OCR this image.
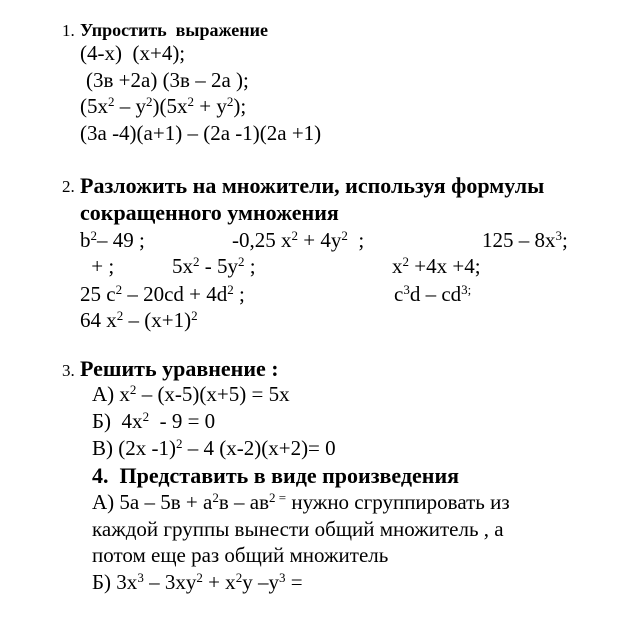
1. Упростить  выражение
(4-x)  (x+4);
(3в +2а) (3в – 2а );
$(5x^2 - y^2)(5x^2 + y^2)$;
(3a -4)(a+1) – (2a -1)(2a +1)
2. Разложить на множители, используя формулы
сокращенного умножения
$b^2-$ 49 ;	-0,25 $x^2 + 4y^2$  ;	$125 - 8x^3$;
+ ;	$5x^2 - 5y^2$ ;	$x^2 +4x +4$;
25 $c^2 - 20cd + 4d^2$ ;	$c^3d - cd^{3;}$
64 $x^2 - (x+1)^2$
3. Решить уравнение :
А) $x^2 - (x-5)(x+5) = 5x$
Б)  $4x^2 - 9 = 0$
В) (2x -1)$^2$ – 4 (x-2)(x+2)= 0
4.  Представить в виде произведения
А) $5а - 5в + а^2в - ав^{2 =}$ нужно сгруппировать из
каждой группы вынести общий множитель , а
потом еще раз общий множитель
Б) $3x^3 - 3xy^2 + x^2y$ $-y^3$ =
